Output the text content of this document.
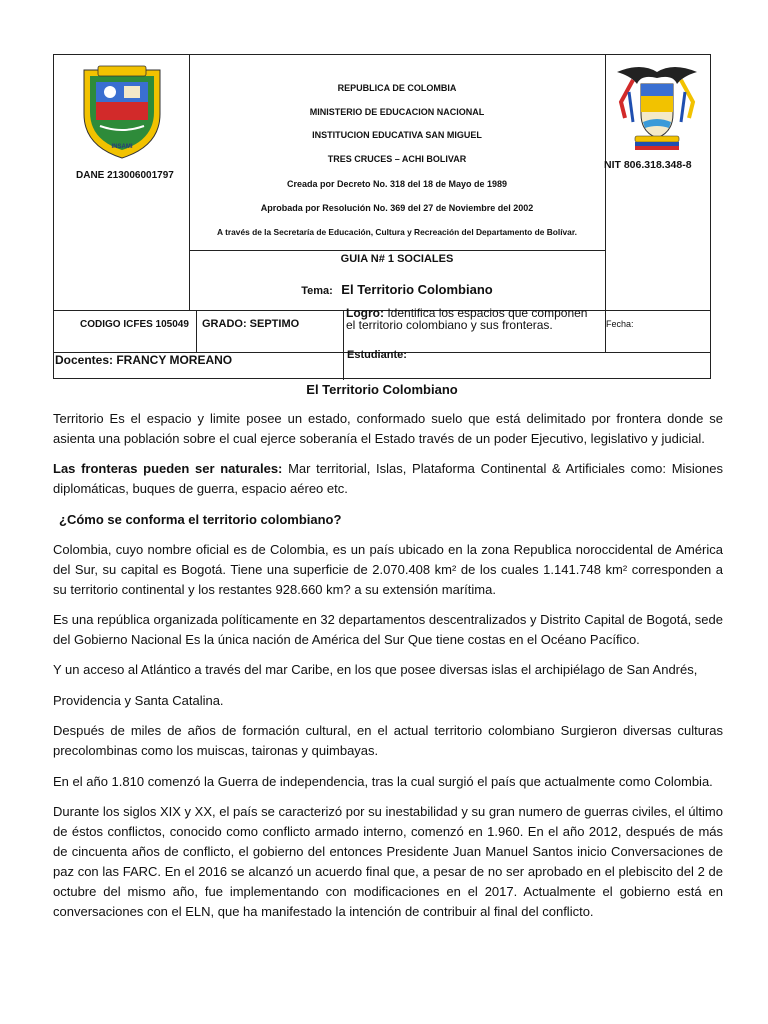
INSAMI
DANE 213006001797
REPUBLICA DE COLOMBIA
MINISTERIO DE EDUCACION NACIONAL
INSTITUCION EDUCATIVA SAN MIGUEL
TRES CRUCES – ACHI BOLIVAR
Creada por Decreto No. 318 del 18 de Mayo de 1989
Aprobada por Resolución No. 369 del 27 de Noviembre del 2002
A través de la Secretaría de Educación, Cultura y Recreación del Departamento de Bolívar.
NIT 806.318.348-8
GUIA N# 1 SOCIALES
Tema: El Territorio Colombiano
CODIGO ICFES 105049 GRADO: SEPTIMO
Logro: Identifica los espacios que componen el territorio colombiano y sus fronteras.	Fecha:
Docentes: FRANCY MOREANO	Estudiante:
El Territorio Colombiano

Territorio Es el espacio y limite posee un estado, conformado suelo que está delimitado por frontera donde se asienta una población sobre el cual ejerce soberanía el Estado través de un poder Ejecutivo, legislativo y judicial.

Las fronteras pueden ser naturales: Mar territorial, Islas, Plataforma Continental & Artificiales como: Misiones diplomáticas, buques de guerra, espacio aéreo etc.

¿Cómo se conforma el territorio colombiano?

Colombia, cuyo nombre oficial es de Colombia, es un país ubicado en la zona Republica noroccidental de América del Sur, su capital es Bogotá. Tiene una superficie de 2.070.408 km² de los cuales 1.141.748 km² corresponden a su territorio continental y los restantes 928.660 km? a su extensión marítima.

Es una república organizada políticamente en 32 departamentos descentralizados y Distrito Capital de Bogotá, sede del Gobierno Nacional Es la única nación de América del Sur Que tiene costas en el Océano Pacífico.

Y un acceso al Atlántico a través del mar Caribe, en los que posee diversas islas el archipiélago de San Andrés,

Providencia y Santa Catalina.

Después de miles de años de formación cultural, en el actual territorio colombiano Surgieron diversas culturas precolombinas como los muiscas, taironas y quimbayas.

En el año 1.810 comenzó la Guerra de independencia, tras la cual surgió el país que actualmente como Colombia.

Durante los siglos XIX y XX, el país se caracterizó por su inestabilidad y su gran numero de guerras civiles, el último de éstos conflictos, conocido como conflicto armado interno, comenzó en 1.960. En el año 2012, después de más de cincuenta años de conflicto, el gobierno del entonces Presidente Juan Manuel Santos inicio Conversaciones de paz con las FARC. En el 2016 se alcanzó un acuerdo final que, a pesar de no ser aprobado en el plebiscito del 2 de octubre del mismo año, fue implementando con modificaciones en el 2017. Actualmente el gobierno está en conversaciones con el ELN, que ha manifestado la intención de contribuir al final del conflicto.
